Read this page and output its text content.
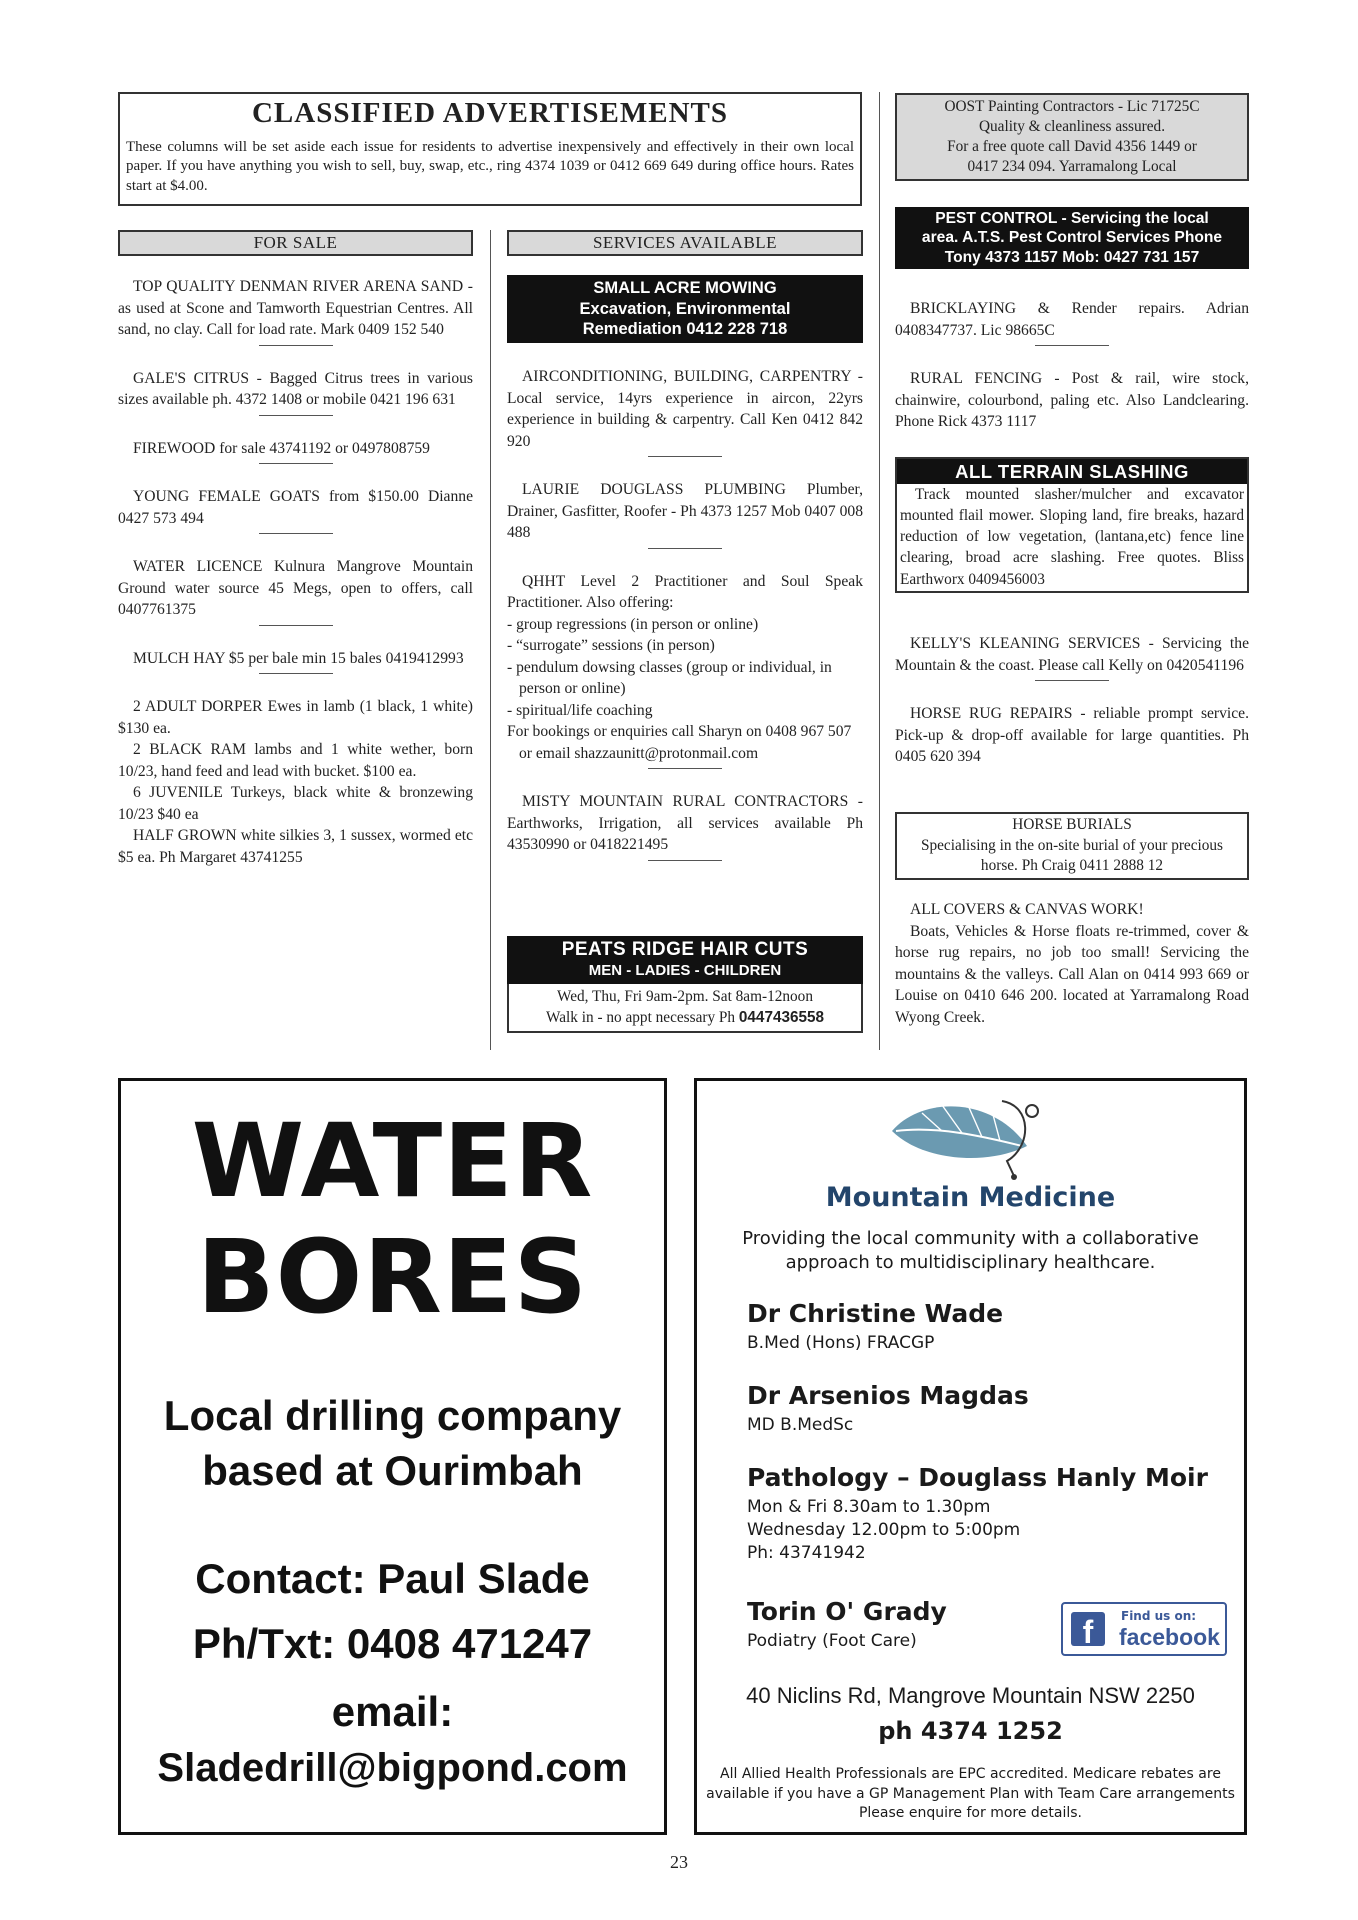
CLASSIFIED ADVERTISEMENTS
These columns will be set aside each issue for residents to advertise inexpensively and effectively in their own local paper. If you have anything you wish to sell, buy, swap, etc., ring 4374 1039 or 0412 669 649 during office hours. Rates start at $4.00.
FOR SALE

TOP QUALITY DENMAN RIVER ARENA SAND - as used at Scone and Tamworth Equestrian Centres. All sand, no clay. Call for load rate. Mark 0409 152 540

GALE'S CITRUS - Bagged Citrus trees in various sizes available ph. 4372 1408 or mobile 0421 196 631

FIREWOOD for sale 43741192 or 0497808759

YOUNG FEMALE GOATS from $150.00 Dianne 0427 573 494

WATER LICENCE Kulnura Mangrove Mountain Ground water source 45 Megs, open to offers, call 0407761375

MULCH HAY $5 per bale min 15 bales 0419412993

2 ADULT DORPER Ewes in lamb (1 black, 1 white) $130 ea.

2 BLACK RAM lambs and 1 white wether, born 10/23, hand feed and lead with bucket. $100 ea.

6 JUVENILE Turkeys, black white & bronzewing 10/23 $40 ea

HALF GROWN white silkies 3, 1 sussex, wormed etc $5 ea. Ph Margaret 43741255

SERVICES AVAILABLE
SMALL ACRE MOWING
Excavation, Environmental
Remediation 0412 228 718

AIRCONDITIONING, BUILDING, CARPENTRY - Local service, 14yrs experience in aircon, 22yrs experience in building & carpentry. Call Ken 0412 842 920

LAURIE DOUGLASS PLUMBING Plumber, Drainer, Gasfitter, Roofer - Ph 4373 1257 Mob 0407 008 488

QHHT Level 2 Practitioner and Soul Speak Practitioner. Also offering:

- group regressions (in person or online)

- “surrogate” sessions (in person)

- pendulum dowsing classes (group or individual, in person or online)

- spiritual/life coaching

For bookings or enquiries call Sharyn on 0408 967 507 or email shazzaunitt@protonmail.com

MISTY MOUNTAIN RURAL CONTRACTORS - Earthworks, Irrigation, all services available Ph 43530990 or 0418221495

PEATS RIDGE HAIR CUTS
MEN - LADIES - CHILDREN
Wed, Thu, Fri 9am-2pm. Sat 8am-12noon
Walk in - no appt necessary Ph 0447436558
OOST Painting Contractors - Lic 71725C
Quality & cleanliness assured.
For a free quote call David 4356 1449 or
0417 234 094. Yarramalong Local
PEST CONTROL - Servicing the local
area. A.T.S. Pest Control Services Phone
Tony 4373 1157 Mob: 0427 731 157

BRICKLAYING & Render repairs. Adrian 0408347737. Lic 98665C

RURAL FENCING - Post & rail, wire stock, chainwire, colourbond, paling etc. Also Landclearing. Phone Rick 4373 1117

ALL TERRAIN SLASHING
Track mounted slasher/mulcher and excavator mounted flail mower. Sloping land, fire breaks, hazard reduction of low vegetation, (lantana,etc) fence line clearing, broad acre slashing. Free quotes. Bliss Earthworx 0409456003

KELLY'S KLEANING SERVICES - Servicing the Mountain & the coast. Please call Kelly on 0420541196

HORSE RUG REPAIRS - reliable prompt service. Pick-up & drop-off available for large quantities. Ph 0405 620 394

HORSE BURIALS
Specialising in the on-site burial of your precious horse. Ph Craig 0411 2888 12
ALL COVERS & CANVAS WORK!
Boats, Vehicles & Horse floats re-trimmed, cover & horse rug repairs, no job too small! Servicing the mountains & the valleys. Call Alan on 0414 993 669 or Louise on 0410 646 200. located at Yarramalong Road Wyong Creek.
WATER
BORES
Local drilling company
based at Ourimbah
Contact: Paul Slade
Ph/Txt: 0408 471247
email:
Sladedrill@bigpond.com
Mountain Medicine
Providing the local community with a collaborative
approach to multidisciplinary healthcare.
Dr Christine Wade
B.Med (Hons) FRACGP
Dr Arsenios Magdas
MD B.MedSc
Pathology – Douglass Hanly Moir
Mon & Fri 8.30am to 1.30pm
Wednesday 12.00pm to 5:00pm
Ph: 43741942
Torin O' Grady
Podiatry (Foot Care)	f	Find us on:
facebook
40 Niclins Rd, Mangrove Mountain NSW 2250
ph 4374 1252
All Allied Health Professionals are EPC accredited. Medicare rebates are
available if you have a GP Management Plan with Team Care arrangements
Please enquire for more details.
23
